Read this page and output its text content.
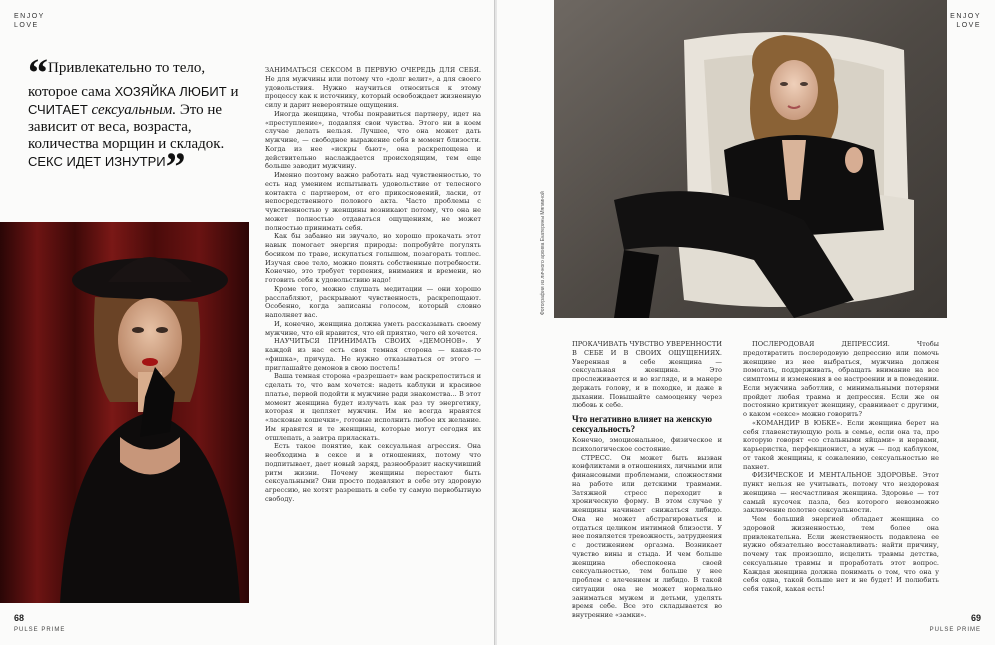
ENJOY
LOVE
“Привлекательно то тело, которое сама ХОЗЯЙКА ЛЮБИТ и СЧИТАЕТ сексуальным. Это не зависит от веса, возраста, количества морщин и складок. СЕКС ИДЕТ ИЗНУТРИ”

ЗАНИМАТЬСЯ СЕКСОМ В ПЕРВУЮ ОЧЕРЕДЬ ДЛЯ СЕБЯ. Не для мужчины или потому что «долг велит», а для своего удовольствия. Нужно научиться относиться к этому процессу как к источнику, который освобождает жизненную силу и дарит невероятные ощущения.

Иногда женщина, чтобы понравиться партнеру, идет на «преступление», подавляя свои чувства. Этого ни в коем случае делать нельзя. Лучшее, что она может дать мужчине, — свободное выражение себя в момент близости. Когда из нее «искры бьют», она раскрепощена и действительно наслаждается происходящим, тем еще больше заводит мужчину.

Именно поэтому важно работать над чувственностью, то есть над умением испытывать удовольствие от телесного контакта с партнером, от его прикосновений, ласки, от непосредственного полового акта. Часто проблемы с чувственностью у женщины возникают потому, что она не может полностью отдаваться ощущениям, не может полностью принимать себя.

Как бы забавно ни звучало, но хорошо прокачать этот навык помогает энергия природы: попробуйте погулять босиком по траве, искупаться голышом, позагорать топлес. Изучая свое тело, можно понять собственные потребности. Конечно, это требует терпения, внимания и времени, но готовить себя к удовольствию надо!

Кроме того, можно слушать медитации — они хорошо расслабляют, раскрывают чувственность, раскрепощают. Особенно, когда записаны голосом, который словно наполняет вас.

И, конечно, женщина должна уметь рассказывать своему мужчине, что ей нравится, что ей приятно, чего ей хочется.

НАУЧИТЬСЯ ПРИНИМАТЬ СВОИХ «ДЕМОНОВ». У каждой из нас есть своя темная сторона — какая-то «фишка», причуда. Не нужно отказываться от этого — приглашайте демонов в свою постель!

Ваша темная сторона «разрешает» вам раскрепоститься и сделать то, что вам хочется: надеть каблуки и красивое платье, первой подойти к мужчине ради знакомства... В этот момент женщина будет излучать как раз ту энергетику, которая и цепляет мужчин. Им не всегда нравятся «ласковые кошечки», готовые исполнить любое их желание. Им нравятся и те женщины, которые могут сегодня их отшлепать, а завтра приласкать.

Есть такое понятие, как сексуальная агрессия. Она необходима в сексе и в отношениях, потому что подпитывает, дает новый заряд, разнообразит наскучивший ритм жизни. Почему женщины перестают быть сексуальными? Они просто подавляют в себе эту здоровую агрессию, не хотят разрешать в себе ту самую первобытную свободу.

68
PULSE PRIME
ENJOY
LOVE
Фотографии из личного архива Екатерины Мягминой

ПРОКАЧИВАТЬ ЧУВСТВО УВЕРЕННОСТИ В СЕБЕ И В СВОИХ ОЩУЩЕНИЯХ. Уверенная в себе женщина — сексуальная женщина. Это прослеживается и во взгляде, и в манере держать голову, и в походке, и даже в дыхании. Повышайте самооценку через любовь к себе.

Что негативно влияет на женскую сексуальность?

Конечно, эмоциональное, физическое и психологическое состояние.

СТРЕСС. Он может быть вызван конфликтами в отношениях, личными или финансовыми проблемами, сложностями на работе или детскими травмами. Затяжной стресс переходит в хроническую форму. В этом случае у женщины начинает снижаться либидо. Она не может абстрагироваться и отдаться целиком интимной близости. У нее появляется тревожность, затруднения с достижением оргазма. Возникает чувство вины и стыда. И чем больше женщина обеспокоена своей сексуальностью, тем больше у нее проблем с влечением и либидо. В такой ситуации она не может нормально заниматься мужем и детьми, уделять время себе. Все это складывается во внутренние «замки».

ПОСЛЕРОДОВАЯ ДЕПРЕССИЯ. Чтобы предотвратить послеродовую депрессию или помочь женщине из нее выбраться, мужчина должен помогать, поддерживать, обращать внимание на все симптомы и изменения в ее настроении и в поведении. Если мужчина заботлив, с минимальными потерями пройдет любая травма и депрессия. Если же он постоянно критикует женщину, сравнивает с другими, о каком «сексе» можно говорить?

«КОМАНДИР В ЮБКЕ». Если женщина берет на себя главенствующую роль в семье, если она та, про которую говорят «со стальными яйцами» и нервами, карьеристка, перфекционист, а муж — под каблуком, от такой женщины, к сожалению, сексуальностью не пахнет.

ФИЗИЧЕСКОЕ И МЕНТАЛЬНОЕ ЗДОРОВЬЕ. Этот пункт нельзя не учитывать, потому что нездоровая женщина — несчастливая женщина. Здоровье — тот самый кусочек пазла, без которого невозможно заключение полотно сексуальности.

Чем больший энергией обладает женщина со здоровой жизненностью, тем более она привлекательна. Если женственность подавлена ее нужно обязательно восстанавливать: найти причину, почему так произошло, исцелить травмы детства, сексуальные травмы и проработать этот вопрос. Каждая женщина должна понимать о том, что она у себя одна, такой больше нет и не будет! И полюбить себя такой, какая есть!

69
PULSE PRIME
